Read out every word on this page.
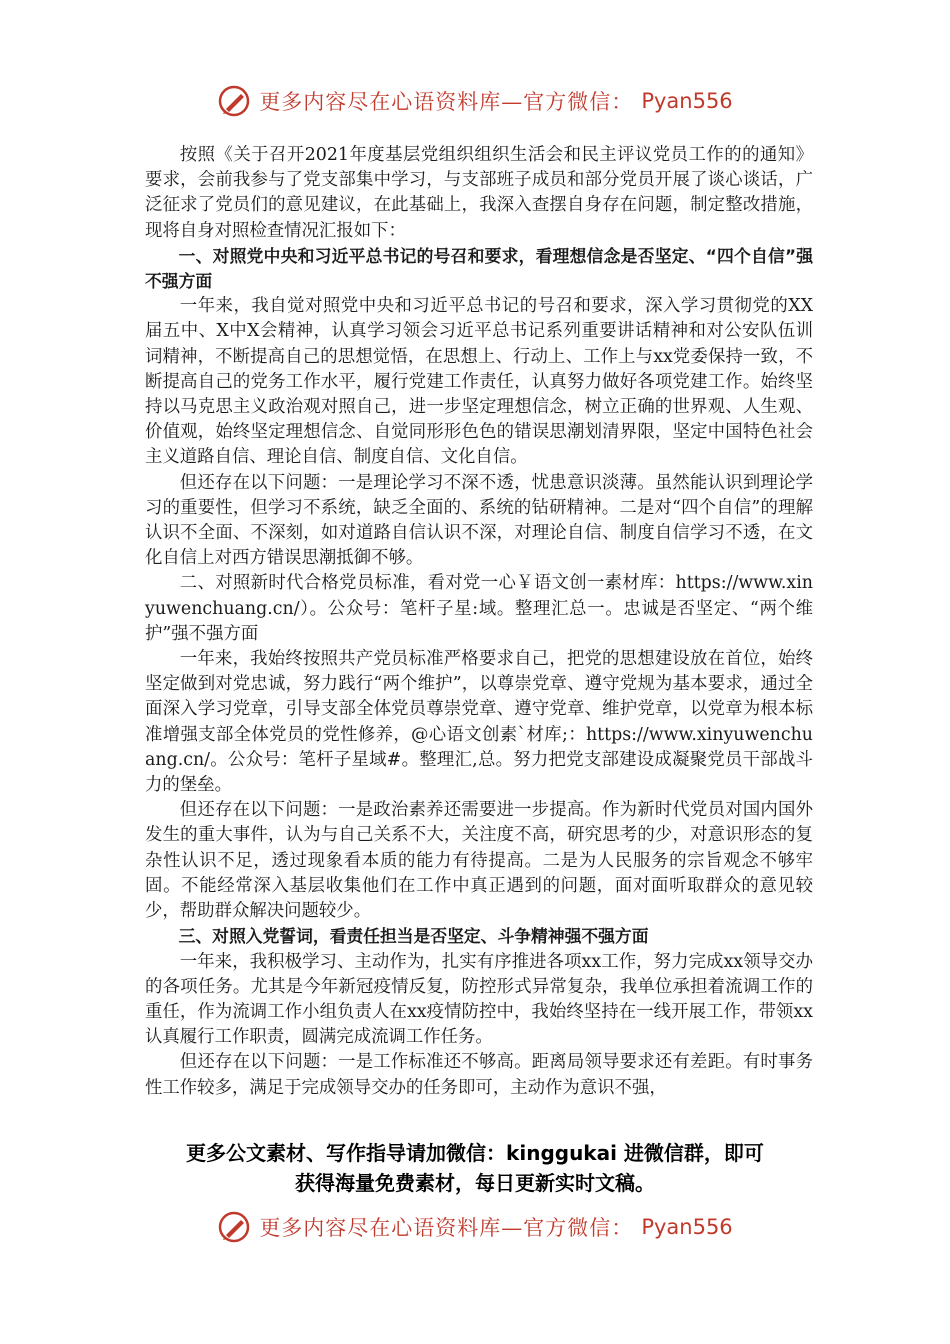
更多内容尽在心语资料库—官方微信： Pyan556

按照《关于召开2021年度基层党组织组织生活会和民主评议党员工作的的通知》要求，会前我参与了党支部集中学习，与支部班子成员和部分党员开展了谈心谈话，广泛征求了党员们的意见建议，在此基础上，我深入查摆自身存在问题，制定整改措施，现将自身对照检查情况汇报如下：

一、对照党中央和习近平总书记的号召和要求，看理想信念是否坚定、“四个自信”强不强方面

一年来，我自觉对照党中央和习近平总书记的号召和要求，深入学习贯彻党的XX届五中、X中X会精神，认真学习领会习近平总书记系列重要讲话精神和对公安队伍训词精神，不断提高自己的思想觉悟，在思想上、行动上、工作上与xx党委保持一致，不断提高自己的党务工作水平，履行党建工作责任，认真努力做好各项党建工作。始终坚持以马克思主义政治观对照自己，进一步坚定理想信念，树立正确的世界观、人生观、价值观，始终坚定理想信念、自觉同形形色色的错误思潮划清界限，坚定中国特色社会主义道路自信、理论自信、制度自信、文化自信。

但还存在以下问题：一是理论学习不深不透，忧患意识淡薄。虽然能认识到理论学习的重要性，但学习不系统，缺乏全面的、系统的钻研精神。二是对“四个自信”的理解认识不全面、不深刻，如对道路自信认识不深，对理论自信、制度自信学习不透，在文化自信上对西方错误思潮抵御不够。

二、对照新时代合格党员标准，看对党一心￥语文创一素材库：https://www.xinyuwenchuang.cn/）。公众号：笔杆子星:域。整理汇总一。忠诚是否坚定、“两个维护”强不强方面

一年来，我始终按照共产党员标准严格要求自己，把党的思想建设放在首位，始终坚定做到对党忠诚，努力践行“两个维护”，以尊崇党章、遵守党规为基本要求，通过全面深入学习党章，引导支部全体党员尊崇党章、遵守党章、维护党章，以党章为根本标准增强支部全体党员的党性修养，@心语文创素`材库;：https://www.xinyuwenchuang.cn/。公众号：笔杆子星域#。整理汇,总。努力把党支部建设成凝聚党员干部战斗力的堡垒。

但还存在以下问题：一是政治素养还需要进一步提高。作为新时代党员对国内国外发生的重大事件，认为与自己关系不大，关注度不高，研究思考的少，对意识形态的复杂性认识不足，透过现象看本质的能力有待提高。二是为人民服务的宗旨观念不够牢固。不能经常深入基层收集他们在工作中真正遇到的问题，面对面听取群众的意见较少，帮助群众解决问题较少。

三、对照入党誓词，看责任担当是否坚定、斗争精神强不强方面

一年来，我积极学习、主动作为，扎实有序推进各项xx工作，努力完成xx领导交办的各项任务。尤其是今年新冠疫情反复，防控形式异常复杂，我单位承担着流调工作的重任，作为流调工作小组负责人在xx疫情防控中，我始终坚持在一线开展工作，带领xx认真履行工作职责，圆满完成流调工作任务。

但还存在以下问题：一是工作标准还不够高。距离局领导要求还有差距。有时事务性工作较多，满足于完成领导交办的任务即可，主动作为意识不强，

更多公文素材、写作指导请加微信：kinggukai 进微信群，即可
获得海量免费素材，每日更新实时文稿。
更多内容尽在心语资料库—官方微信： Pyan556
